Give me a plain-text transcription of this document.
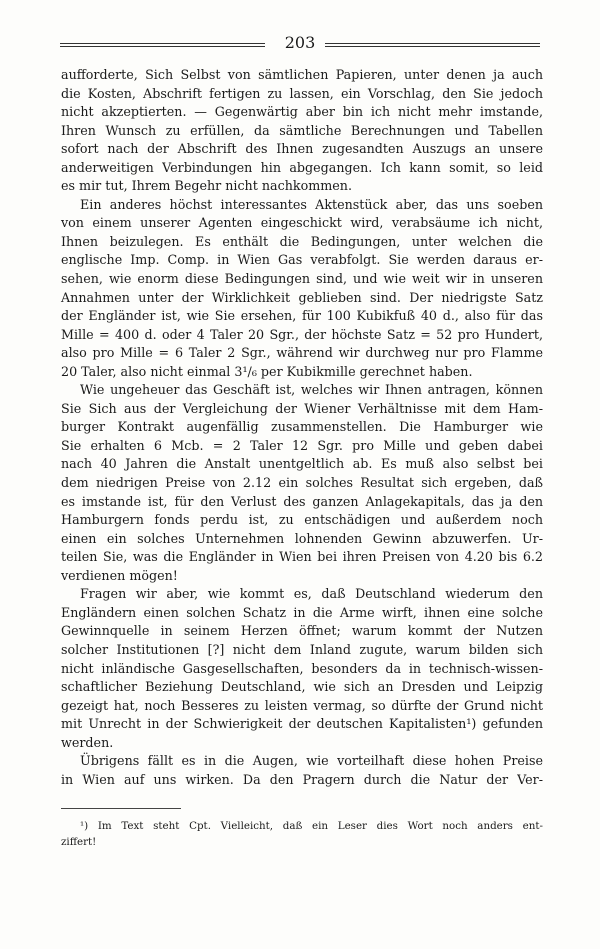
203

aufforderte, Sich Selbst von sämtlichen Papieren, unter denen ja auch
die Kosten, Abschrift fertigen zu lassen, ein Vorschlag, den Sie jedoch
nicht akzeptierten. — Gegenwärtig aber bin ich nicht mehr imstande,
Ihren Wunsch zu erfüllen, da sämtliche Berechnungen und Tabellen
sofort nach der Abschrift des Ihnen zugesandten Auszugs an unsere
anderweitigen Verbindungen hin abgegangen. Ich kann somit, so leid
es mir tut, Ihrem Begehr nicht nachkommen.

Ein anderes höchst interessantes Aktenstück aber, das uns soeben
von einem unserer Agenten eingeschickt wird, verabsäume ich nicht,
Ihnen beizulegen. Es enthält die Bedingungen, unter welchen die
englische Imp. Comp. in Wien Gas verabfolgt. Sie werden daraus er-
sehen, wie enorm diese Bedingungen sind, und wie weit wir in unseren
Annahmen unter der Wirklichkeit geblieben sind. Der niedrigste Satz
der Engländer ist, wie Sie ersehen, für 100 Kubikfuß 40 d., also für das
Mille = 400 d. oder 4 Taler 20 Sgr., der höchste Satz = 52 pro Hundert,
also pro Mille = 6 Taler 2 Sgr., während wir durchweg nur pro Flamme
20 Taler, also nicht einmal 3¹/₆ per Kubikmille gerechnet haben.

Wie ungeheuer das Geschäft ist, welches wir Ihnen antragen, können
Sie Sich aus der Vergleichung der Wiener Verhältnisse mit dem Ham-
burger Kontrakt augenfällig zusammenstellen. Die Hamburger wie
Sie erhalten 6 Mcb. = 2 Taler 12 Sgr. pro Mille und geben dabei
nach 40 Jahren die Anstalt unentgeltlich ab. Es muß also selbst bei
dem niedrigen Preise von 2.12 ein solches Resultat sich ergeben, daß
es imstande ist, für den Verlust des ganzen Anlagekapitals, das ja den
Hamburgern fonds perdu ist, zu entschädigen und außerdem noch
einen ein solches Unternehmen lohnenden Gewinn abzuwerfen. Ur-
teilen Sie, was die Engländer in Wien bei ihren Preisen von 4.20 bis 6.2
verdienen mögen!

Fragen wir aber, wie kommt es, daß Deutschland wiederum den
Engländern einen solchen Schatz in die Arme wirft, ihnen eine solche
Gewinnquelle in seinem Herzen öffnet; warum kommt der Nutzen
solcher Institutionen [?] nicht dem Inland zugute, warum bilden sich
nicht inländische Gasgesellschaften, besonders da in technisch-wissen-
schaftlicher Beziehung Deutschland, wie sich an Dresden und Leipzig
gezeigt hat, noch Besseres zu leisten vermag, so dürfte der Grund nicht
mit Unrecht in der Schwierigkeit der deutschen Kapitalisten¹) gefunden
werden.

Übrigens fällt es in die Augen, wie vorteilhaft diese hohen Preise
in Wien auf uns wirken. Da den Pragern durch die Natur der Ver-

¹) Im Text steht Cpt. Vielleicht, daß ein Leser dies Wort noch anders ent-
ziffert!
